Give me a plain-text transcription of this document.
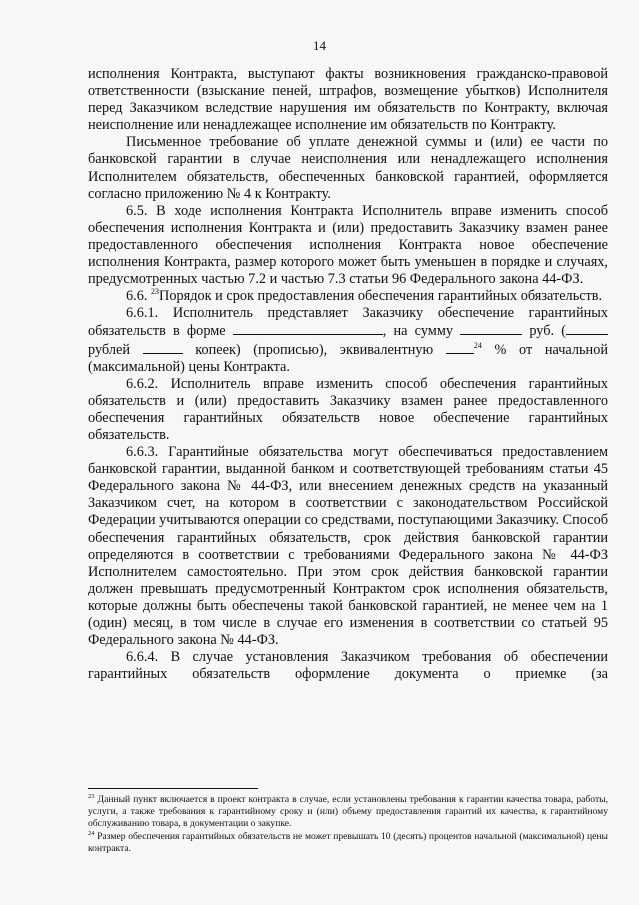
14

исполнения Контракта, выступают факты возникновения гражданско-правовой ответственности (взыскание пеней, штрафов, возмещение убытков) Исполнителя перед Заказчиком вследствие нарушения им обязательств по Контракту, включая неисполнение или ненадлежащее исполнение им обязательств по Контракту.

Письменное требование об уплате денежной суммы и (или) ее части по банковской гарантии в случае неисполнения или ненадлежащего исполнения Исполнителем обязательств, обеспеченных банковской гарантией, оформляется согласно приложению № 4 к Контракту.

6.5. В ходе исполнения Контракта Исполнитель вправе изменить способ обеспечения исполнения Контракта и (или) предоставить Заказчику взамен ранее предоставленного обеспечения исполнения Контракта новое обеспечение исполнения Контракта, размер которого может быть уменьшен в порядке и случаях, предусмотренных частью 7.2 и частью 7.3 статьи 96 Федерального закона 44-ФЗ.

6.6. $^{23}$Порядок и срок предоставления обеспечения гарантийных обязательств.

6.6.1. Исполнитель представляет Заказчику обеспечение гарантийных обязательств в форме	, на сумму	руб. ( рублей	копеек) (прописью), эквивалентную	$^{24}$ % от начальной (максимальной) цены Контракта.

6.6.2. Исполнитель вправе изменить способ обеспечения гарантийных обязательств и (или) предоставить Заказчику взамен ранее предоставленного обеспечения гарантийных обязательств новое обеспечение гарантийных обязательств.

6.6.3. Гарантийные обязательства могут обеспечиваться предоставлением банковской гарантии, выданной банком и соответствующей требованиям статьи 45 Федерального закона № 44-ФЗ, или внесением денежных средств на указанный Заказчиком счет, на котором в соответствии с законодательством Российской Федерации учитываются операции со средствами, поступающими Заказчику. Способ обеспечения гарантийных обязательств, срок действия банковской гарантии определяются в соответствии с требованиями Федерального закона № 44-ФЗ Исполнителем самостоятельно. При этом срок действия банковской гарантии должен превышать предусмотренный Контрактом срок исполнения обязательств, которые должны быть обеспечены такой банковской гарантией, не менее чем на 1 (один) месяц, в том числе в случае его изменения в соответствии со статьей 95 Федерального закона № 44-ФЗ.

6.6.4. В случае установления Заказчиком требования об обеспечении гарантийных обязательств оформление документа о приемке (за

$^{23}$ Данный пункт включается в проект контракта в случае, если установлены требования к гарантии качества товара, работы, услуги, а также требования к гарантийному сроку и (или) объему предоставления гарантий их качества, к гарантийному обслуживанию товара, в документации о закупке.

$^{24}$ Размер обеспечения гарантийных обязательств не может превышать 10 (десять) процентов начальной (максимальной) цены контракта.
